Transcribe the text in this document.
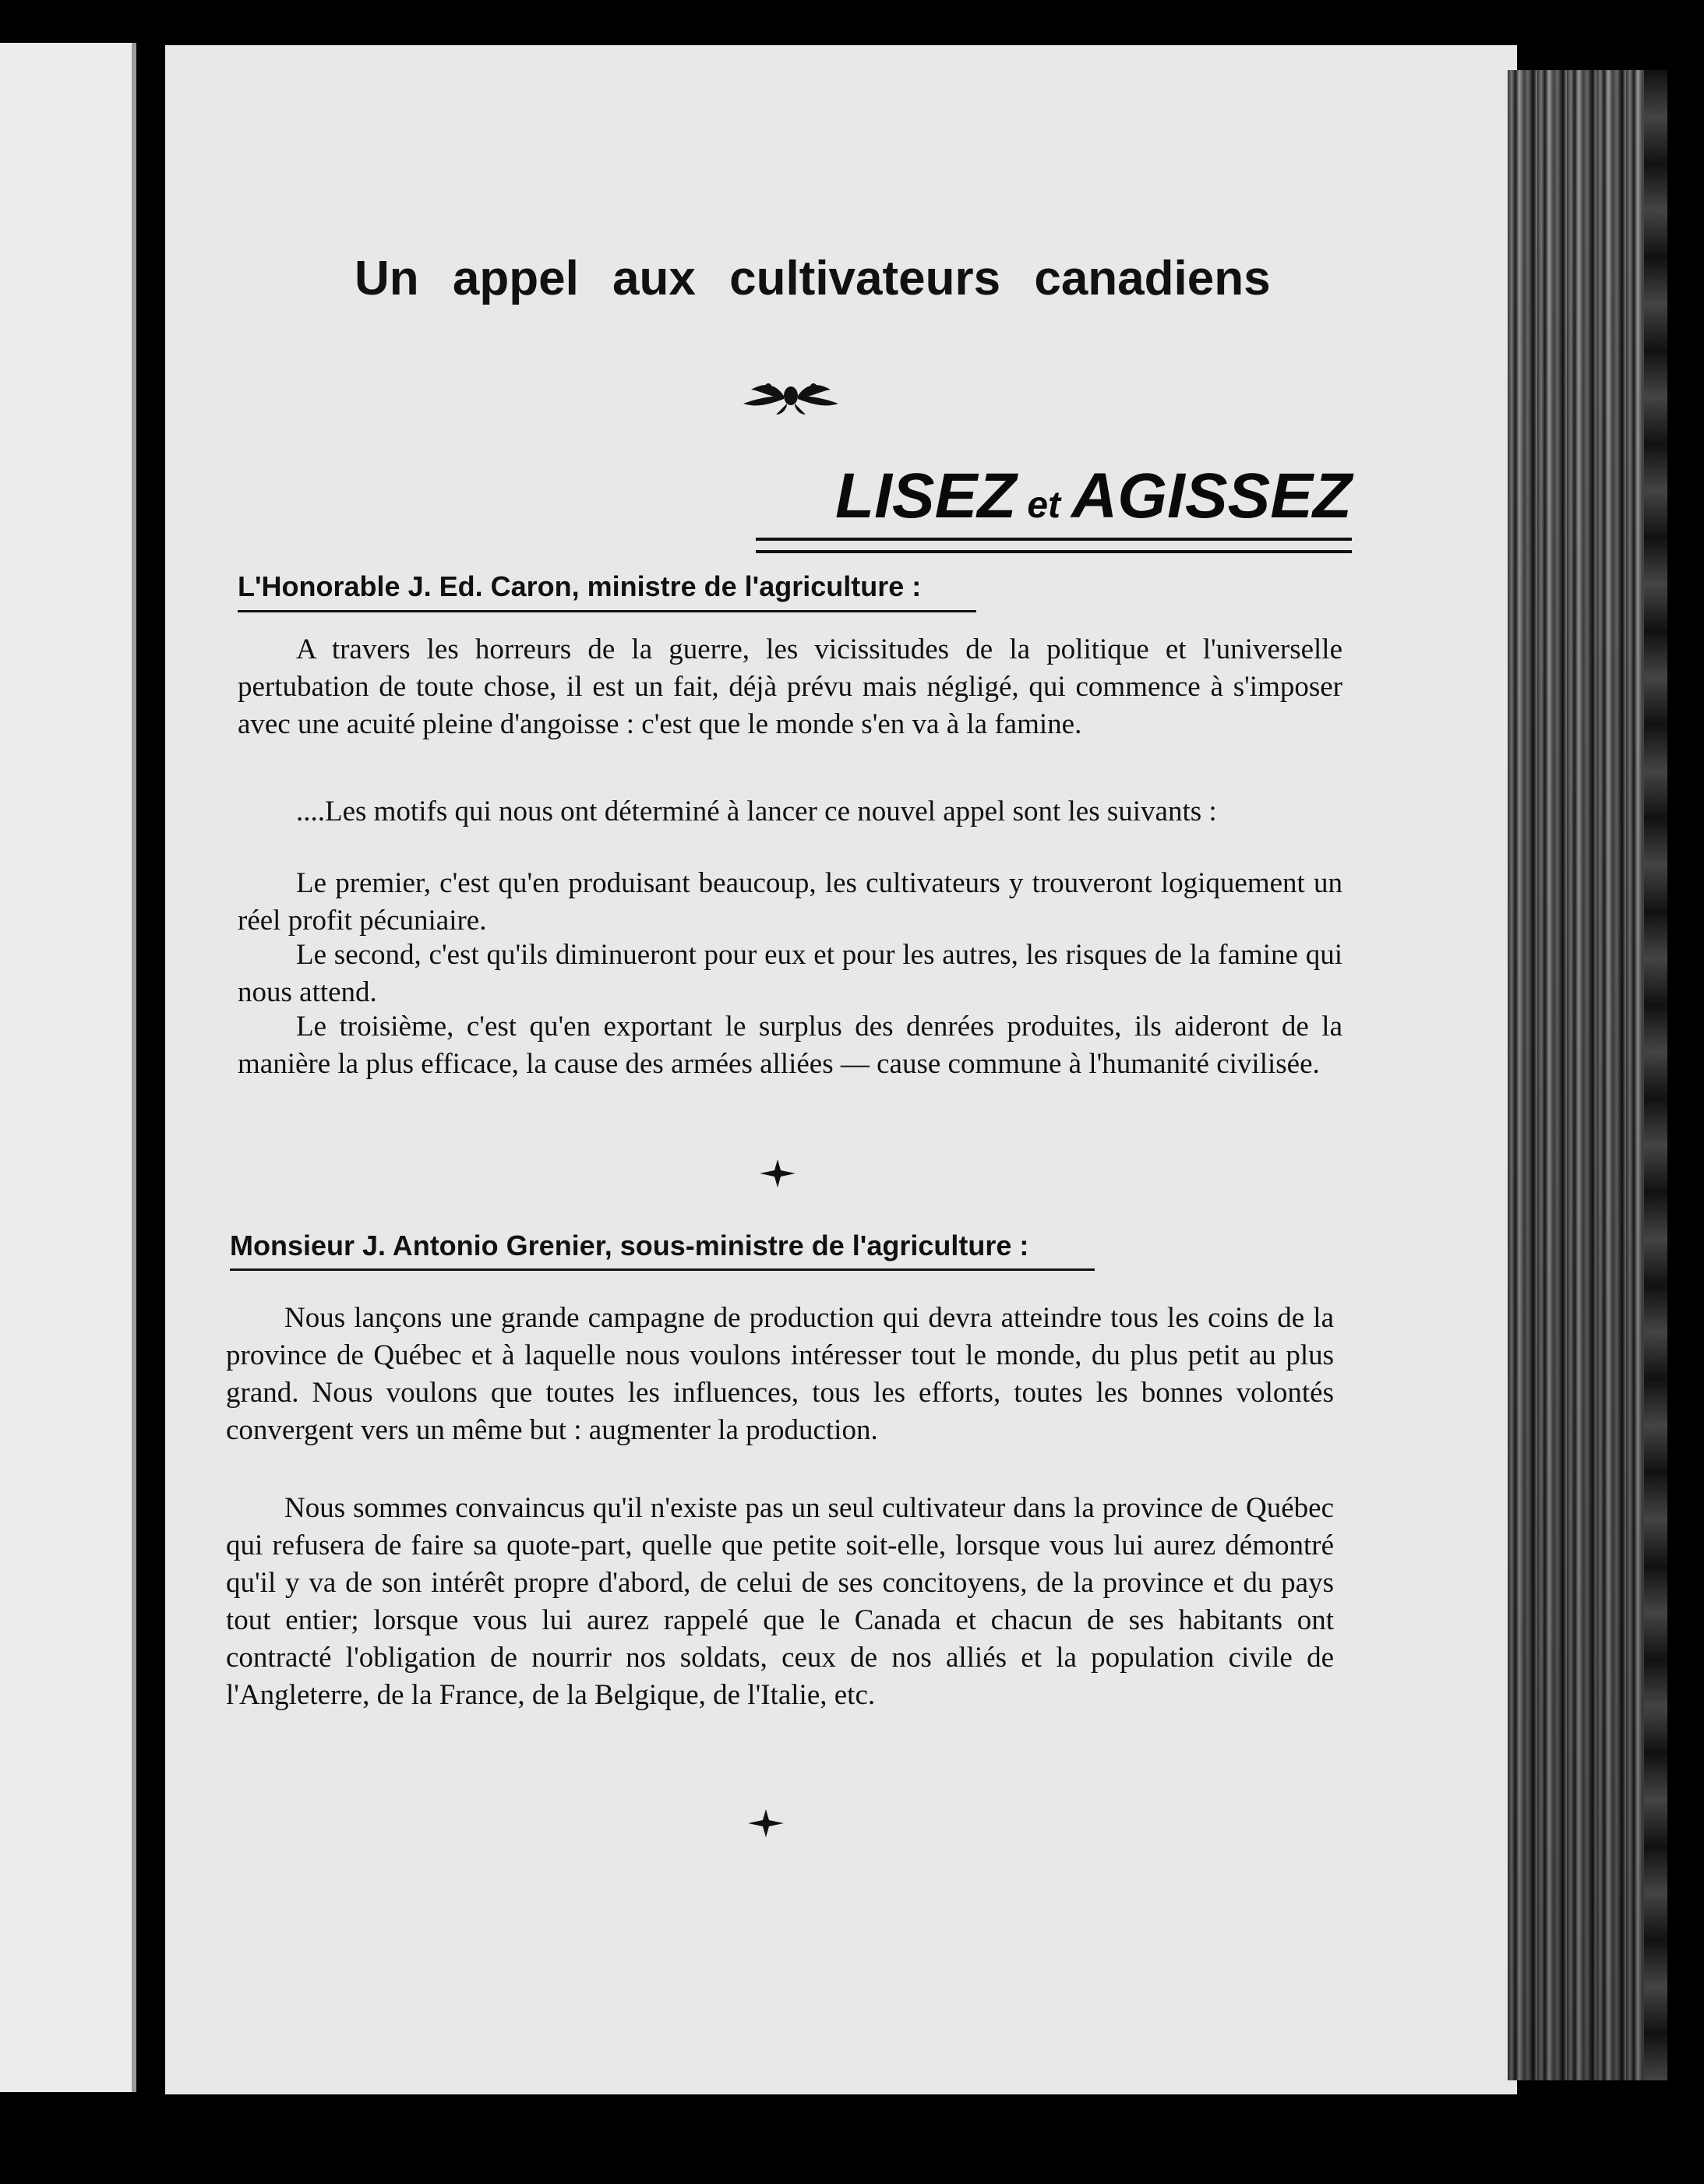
Un appel aux cultivateurs canadiens
LISEZ et AGISSEZ
L'Honorable J. Ed. Caron, ministre de l'agriculture :

A travers les horreurs de la guerre, les vicissitudes de la politique et l'universelle pertubation de toute chose, il est un fait, déjà prévu mais négligé, qui commence à s'imposer avec une acuité pleine d'angoisse : c'est que le monde s'en va à la famine.

....Les motifs qui nous ont déterminé à lancer ce nouvel appel sont les suivants :

Le premier, c'est qu'en produisant beaucoup, les cultivateurs y trouveront logiquement un réel profit pécuniaire.

Le second, c'est qu'ils diminueront pour eux et pour les autres, les risques de la famine qui nous attend.

Le troisième, c'est qu'en exportant le surplus des denrées produites, ils aideront de la manière la plus efficace, la cause des armées alliées — cause commune à l'humanité civilisée.

Monsieur J. Antonio Grenier, sous-ministre de l'agriculture :

Nous lançons une grande campagne de production qui devra atteindre tous les coins de la province de Québec et à laquelle nous voulons intéresser tout le monde, du plus petit au plus grand. Nous voulons que toutes les influences, tous les efforts, toutes les bonnes volontés convergent vers un même but : augmenter la production.

Nous sommes convaincus qu'il n'existe pas un seul cultivateur dans la province de Québec qui refusera de faire sa quote-part, quelle que petite soit-elle, lorsque vous lui aurez démontré qu'il y va de son intérêt propre d'abord, de celui de ses concitoyens, de la province et du pays tout entier; lorsque vous lui aurez rappelé que le Canada et chacun de ses habitants ont contracté l'obligation de nourrir nos soldats, ceux de nos alliés et la population civile de l'Angleterre, de la France, de la Belgique, de l'Italie, etc.
